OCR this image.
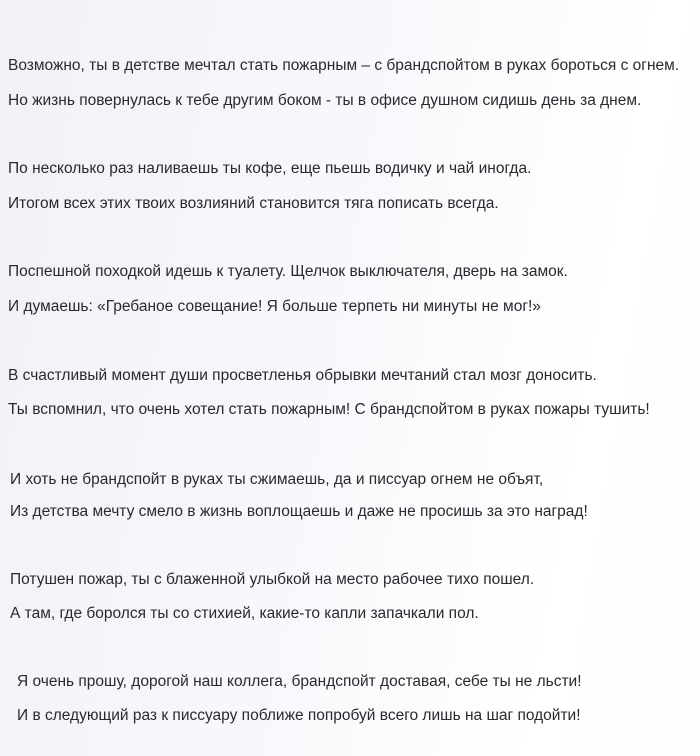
Возможно, ты в детстве мечтал стать пожарным – с брандспойтом в руках бороться с огнем.
Но жизнь повернулась к тебе другим боком - ты в офисе душном сидишь день за днем.
По несколько раз наливаешь ты кофе, еще пьешь водичку и чай иногда.
Итогом всех этих твоих возлияний становится тяга пописать всегда.
Поспешной походкой идешь к туалету. Щелчок выключателя, дверь на замок.
И думаешь: «Гребаное совещание! Я больше терпеть ни минуты не мог!»
В счастливый момент души просветленья обрывки мечтаний стал мозг доносить.
Ты вспомнил, что очень хотел стать пожарным! С брандспойтом в руках пожары тушить!
И хоть не брандспойт в руках ты сжимаешь, да и писсуар огнем не объят,
Из детства мечту смело в жизнь воплощаешь и даже не просишь за это наград!
Потушен пожар, ты с блаженной улыбкой на место рабочее тихо пошел.
А там, где боролся ты со стихией, какие-то капли запачкали пол.
Я очень прошу, дорогой наш коллега, брандспойт доставая, себе ты не льсти!
И в следующий раз к писсуару поближе попробуй всего лишь на шаг подойти!
